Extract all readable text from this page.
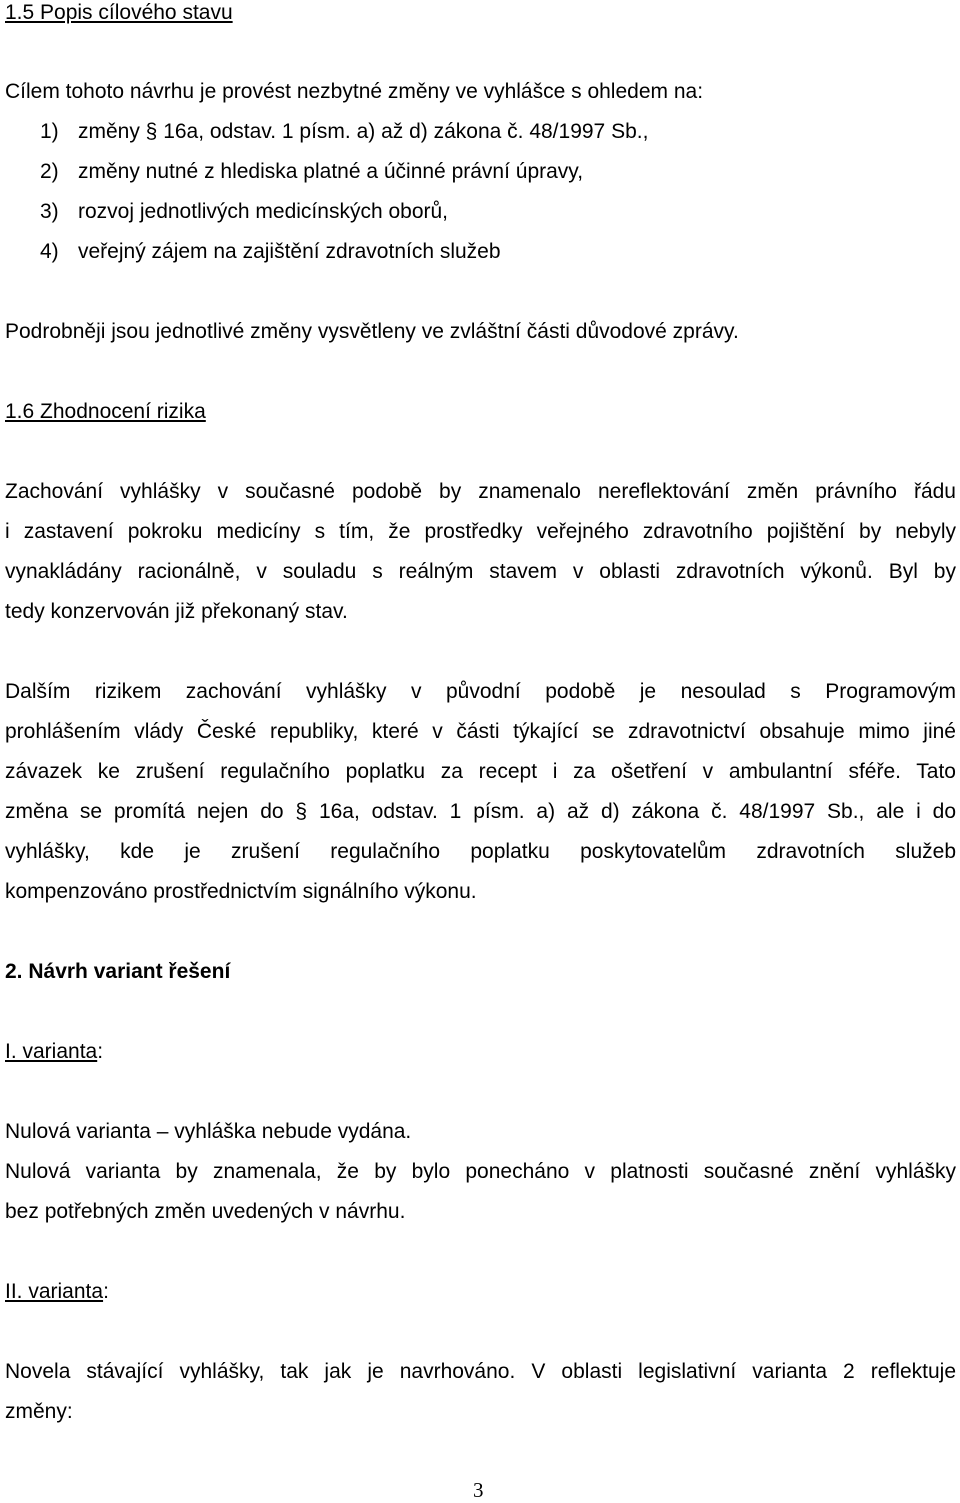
1.5 Popis cílového stavu
Cílem tohoto návrhu je provést nezbytné změny ve vyhlášce s ohledem na:
1) změny § 16a, odstav. 1 písm. a) až d) zákona č. 48/1997 Sb.,
2) změny nutné z hlediska platné a účinné právní úpravy,
3) rozvoj jednotlivých medicínských oborů,
4) veřejný zájem na zajištění zdravotních služeb
Podrobněji jsou jednotlivé změny vysvětleny ve zvláštní části důvodové zprávy.
1.6 Zhodnocení rizika
Zachování vyhlášky v současné podobě by znamenalo nereflektování změn právního řádu
i zastavení pokroku medicíny s tím, že prostředky veřejného zdravotního pojištění by nebyly
vynakládány racionálně, v souladu s reálným stavem v oblasti zdravotních výkonů. Byl by
tedy konzervován již překonaný stav.
Dalším rizikem zachování vyhlášky v původní podobě je nesoulad s Programovým
prohlášením vlády České republiky, které v části týkající se zdravotnictví obsahuje mimo jiné
závazek ke zrušení regulačního poplatku za recept i za ošetření v ambulantní sféře. Tato
změna se promítá nejen do § 16a, odstav. 1 písm. a) až d) zákona č. 48/1997 Sb., ale i do
vyhlášky, kde je zrušení regulačního poplatku poskytovatelům zdravotních služeb
kompenzováno prostřednictvím signálního výkonu.
2. Návrh variant řešení
I. varianta:
Nulová varianta – vyhláška nebude vydána.
Nulová varianta by znamenala, že by bylo ponecháno v platnosti současné znění vyhlášky
bez potřebných změn uvedených v návrhu.
II. varianta:
Novela stávající vyhlášky, tak jak je navrhováno. V oblasti legislativní varianta 2 reflektuje
změny:
3
